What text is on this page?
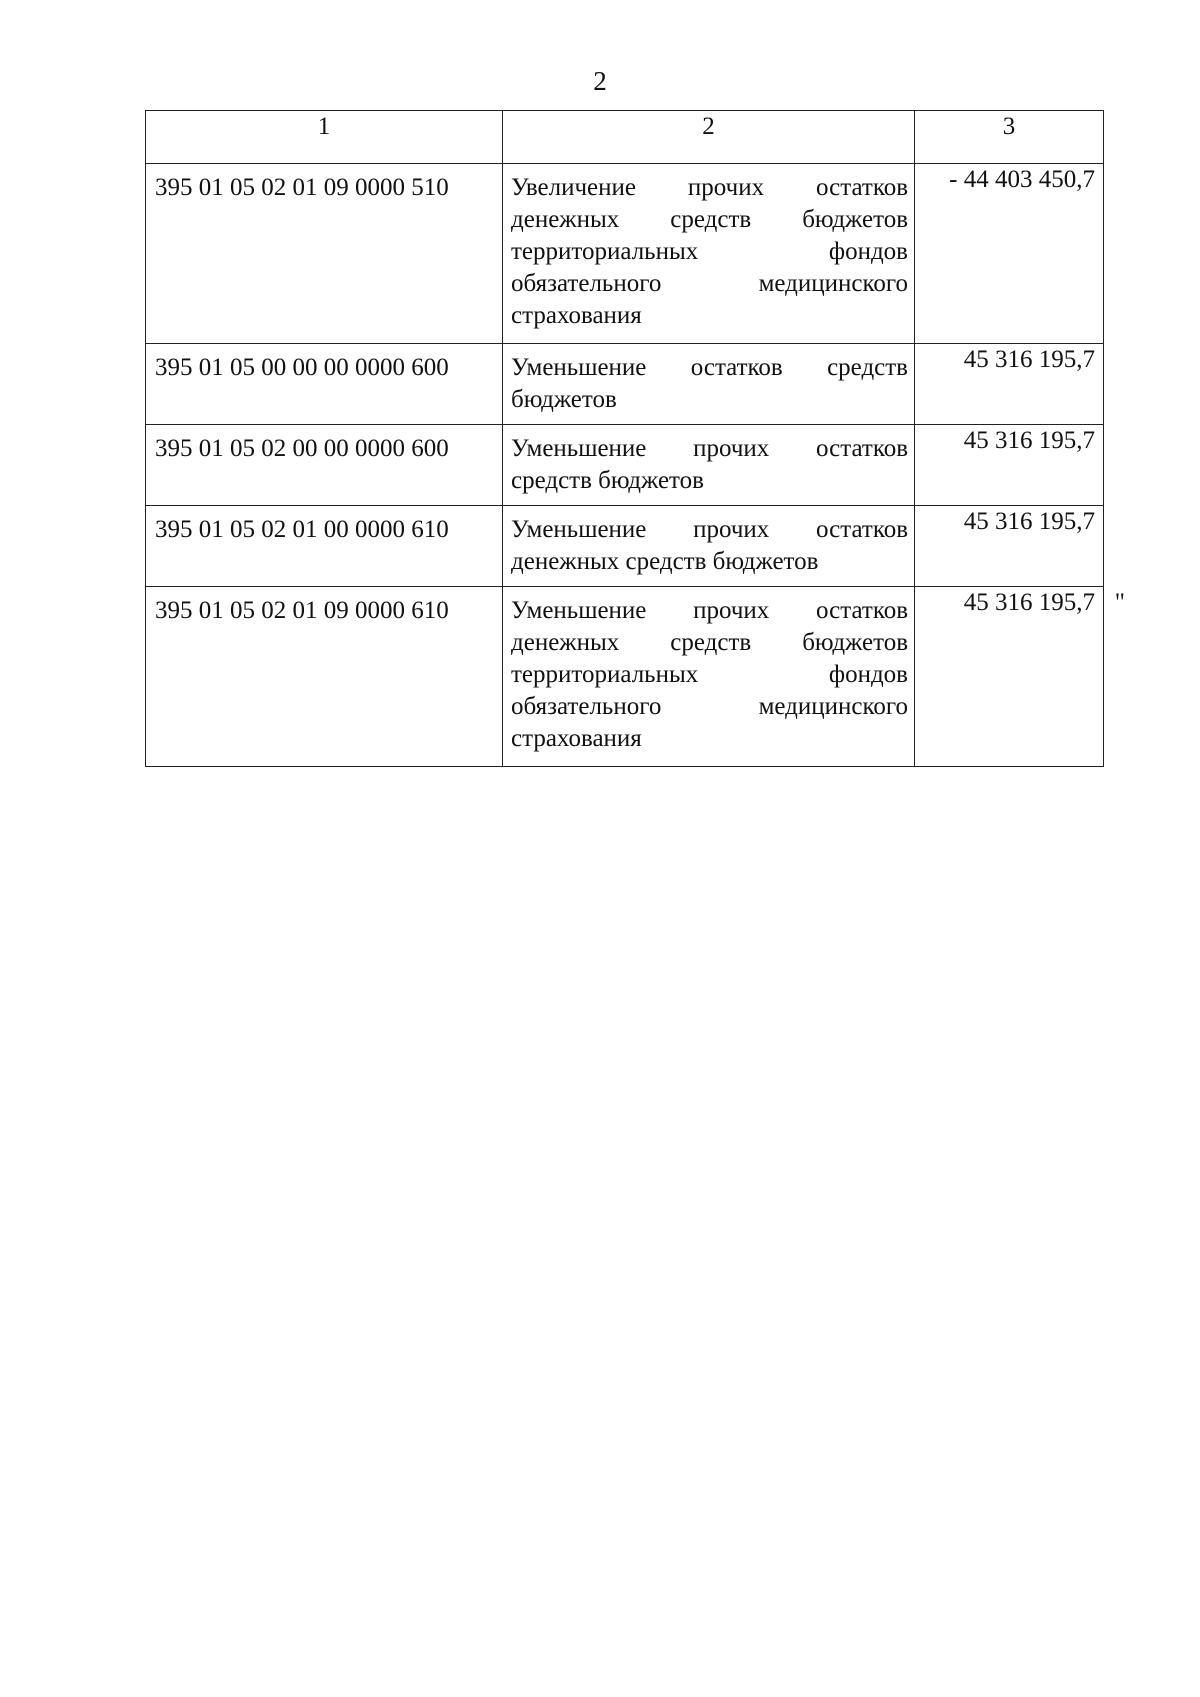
2
1	2	3
395 01 05 02 01 09 0000 510	Увеличение прочих остатков денежных средств бюджетов территориальных фондов обязательного медицинского страхования	- 44 403 450,7

395 01 05 00 00 00 0000 600	Уменьшение остатков средств бюджетов	45 316 195,7

395 01 05 02 00 00 0000 600	Уменьшение прочих остатков средств бюджетов	45 316 195,7

395 01 05 02 01 00 0000 610	Уменьшение прочих остатков денежных средств бюджетов	45 316 195,7

395 01 05 02 01 09 0000 610	Уменьшение прочих остатков денежных средств бюджетов территориальных фондов обязательного медицинского страхования	45 316 195,7 "
